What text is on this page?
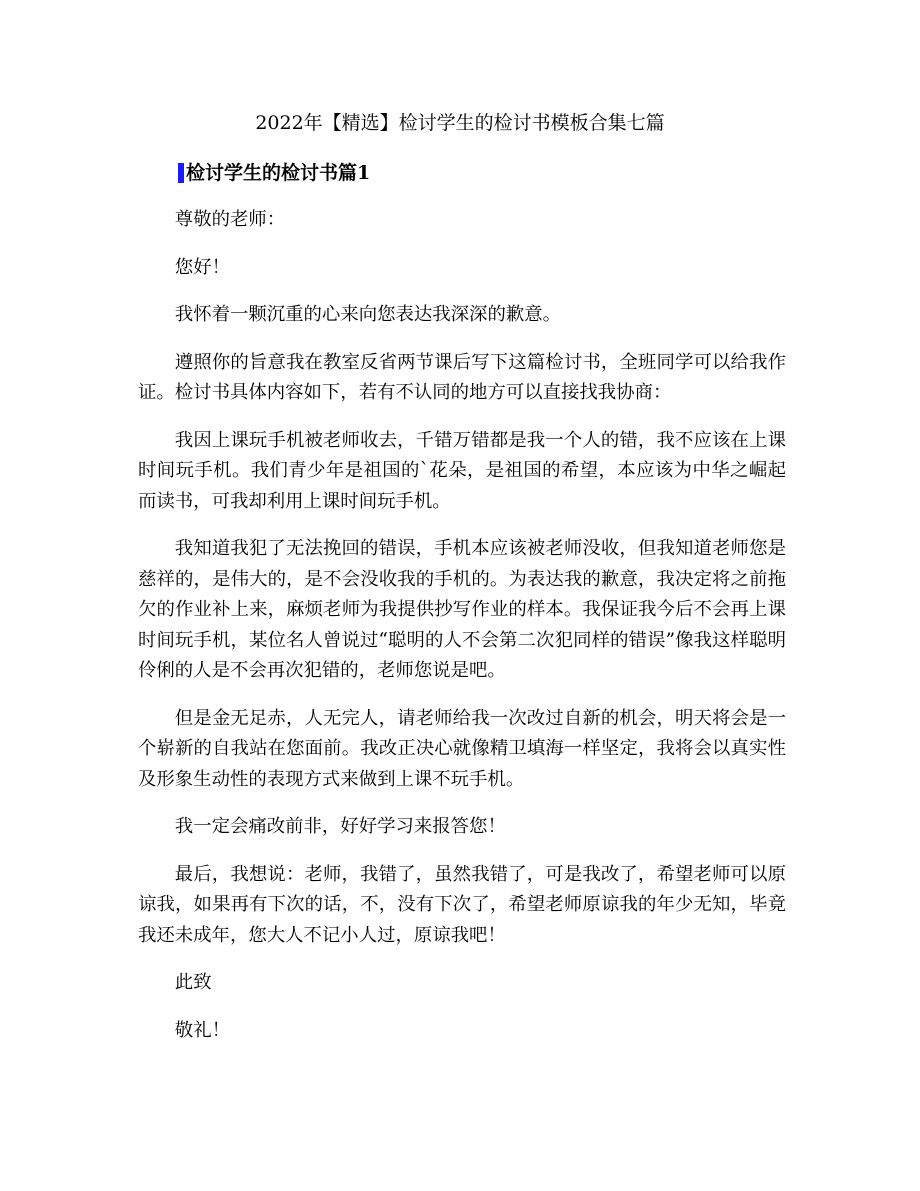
2022年【精选】检讨学生的检讨书模板合集七篇
检讨学生的检讨书篇1

尊敬的老师：

您好！

我怀着一颗沉重的心来向您表达我深深的歉意。

遵照你的旨意我在教室反省两节课后写下这篇检讨书，全班同学可以给我作证。检讨书具体内容如下，若有不认同的地方可以直接找我协商：

我因上课玩手机被老师收去，千错万错都是我一个人的错，我不应该在上课时间玩手机。我们青少年是祖国的`花朵，是祖国的希望，本应该为中华之崛起而读书，可我却利用上课时间玩手机。

我知道我犯了无法挽回的错误，手机本应该被老师没收，但我知道老师您是慈祥的，是伟大的，是不会没收我的手机的。为表达我的歉意，我决定将之前拖欠的作业补上来，麻烦老师为我提供抄写作业的样本。我保证我今后不会再上课时间玩手机，某位名人曾说过“聪明的人不会第二次犯同样的错误”像我这样聪明伶俐的人是不会再次犯错的，老师您说是吧。

但是金无足赤，人无完人，请老师给我一次改过自新的机会，明天将会是一个崭新的自我站在您面前。我改正决心就像精卫填海一样坚定，我将会以真实性及形象生动性的表现方式来做到上课不玩手机。

我一定会痛改前非，好好学习来报答您！

最后，我想说：老师，我错了，虽然我错了，可是我改了，希望老师可以原谅我，如果再有下次的话，不，没有下次了，希望老师原谅我的年少无知，毕竟我还未成年，您大人不记小人过，原谅我吧！

此致

敬礼！
